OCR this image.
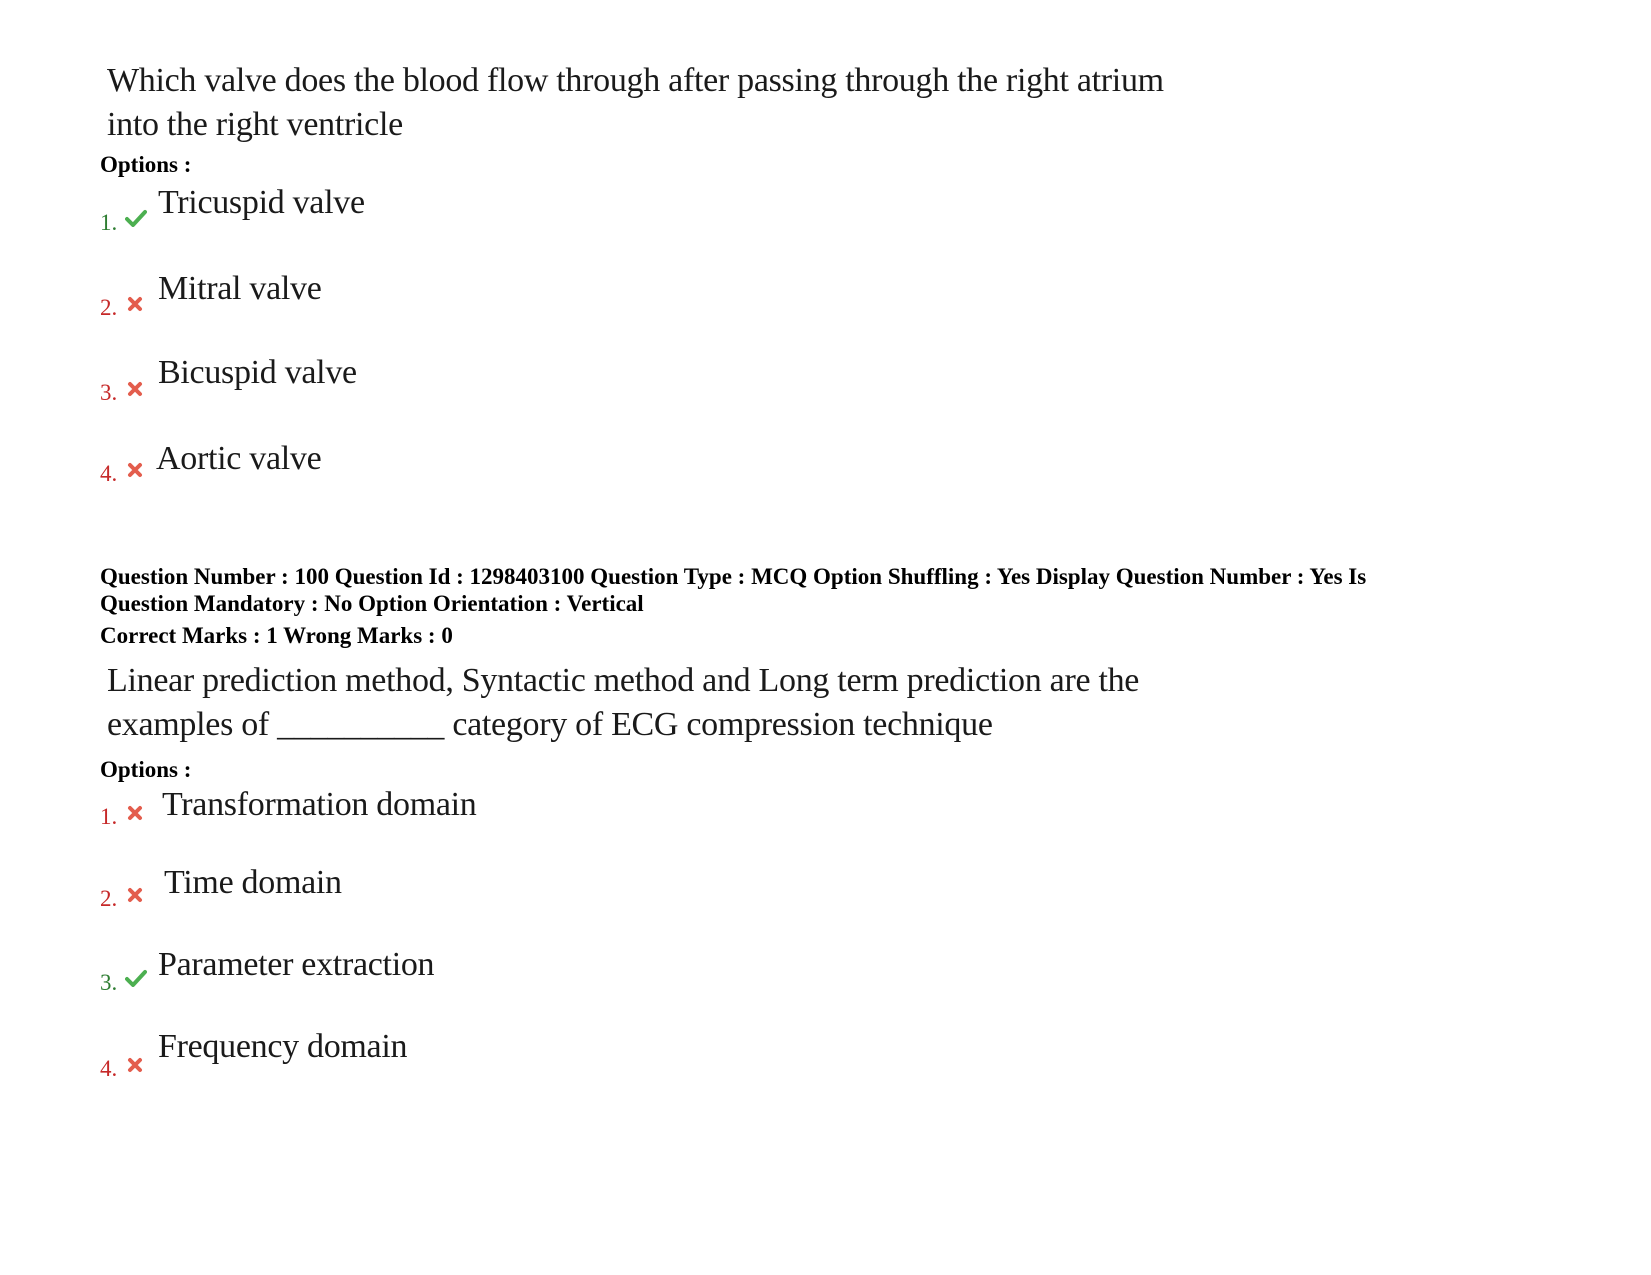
Which valve does the blood flow through after passing through the right atrium
into the right ventricle
Options :
1.
Tricuspid valve
2.
Mitral valve
3.
Bicuspid valve
4. Aortic valve
Question Number : 100 Question Id : 1298403100 Question Type : MCQ Option Shuffling : Yes Display Question Number : Yes Is
Question Mandatory : No Option Orientation : Vertical
Correct Marks : 1 Wrong Marks : 0
Linear prediction method, Syntactic method and Long term prediction are the
examples of __________ category of ECG compression technique
Options :
1. Transformation domain
2. Time domain
3. Parameter extraction
4.
Frequency domain
